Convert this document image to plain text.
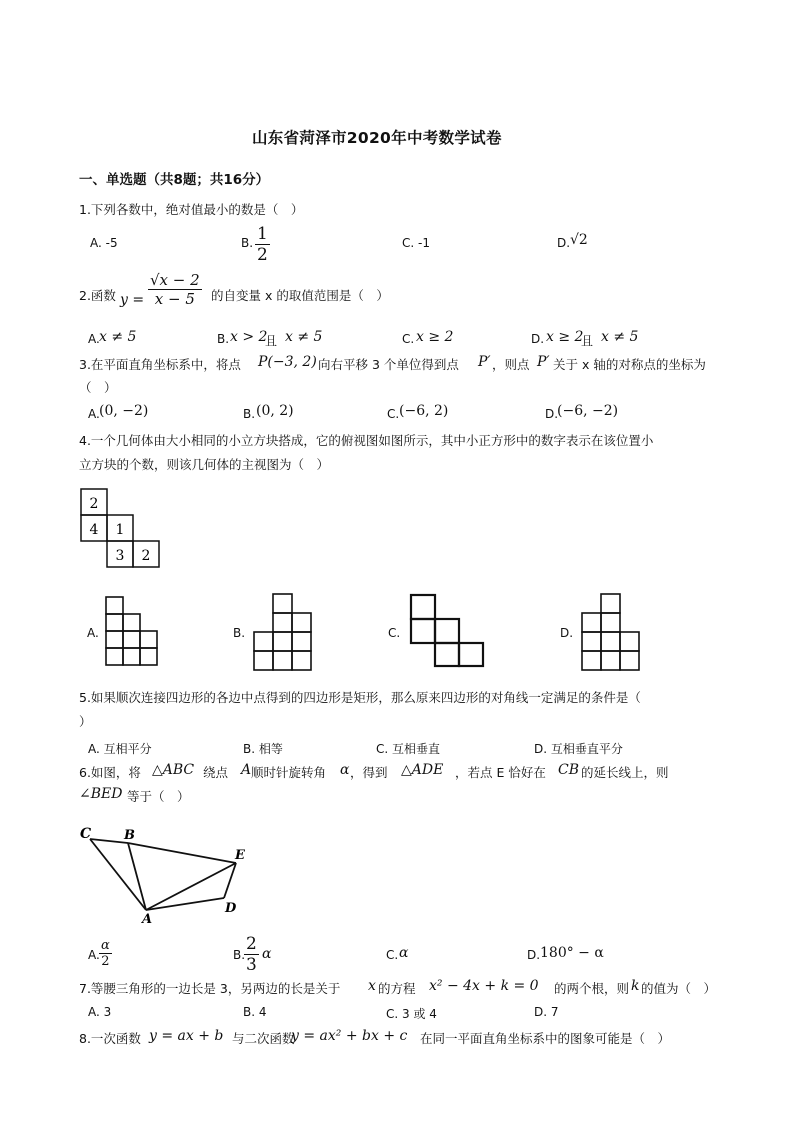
山东省菏泽市2020年中考数学试卷
一、单选题（共8题；共16分）
1.下列各数中，绝对值最小的数是（　）
A. -5	B. $\frac{1}{2}$	C. -1	D. √2
2.函数 $y = \frac{√x - 2}{x - 5}$ 的自变量 x 的取值范围是（　）
A. x ≠ 5	B. x > 2
且 x ≠ 5	C. x ≥ 2	D. x ≥ 2
且 x ≠ 5
3.在平面直角坐标系中，将点 P(−3, 2) 向右平移 3 个单位得到点 P′ ，则点 P′ 关于 x 轴的对称点的坐标为
（　）
A. (0, −2)	B. (0, 2)	C. (−6, 2)	D.
(−6, −2)
4.一个几何体由大小相同的小立方块搭成，它的俯视图如图所示，其中小正方形中的数字表示在该位置小
立方块的个数，则该几何体的主视图为（　）
2
4 1
3 2
A.	B.	C.	D.
5.如果顺次连接四边形的各边中点得到的四边形是矩形，那么原来四边形的对角线一定满足的条件是（
）
A. 互相平分	B. 相等	C. 互相垂直	D. 互相垂直平分
6.如图，将 △ABC 绕点 A 顺时针旋转角 α ，得到 △ADE ，若点 E 恰好在 CB 的延长线上，则
∠BED 等于（　）
C	B
E
A
D
A. $\frac{\alpha}{2}$	B.
$\frac{2}{3}$ α	C. α	D. 180° − α
7.等腰三角形的一边长是 3，另两边的长是关于 x 的方程 x² − 4x + k = 0 的两个根，则 k 的值为（　）
A. 3	B. 4	C. 3 或 4	D. 7
8.一次函数 y = ax + b 与二次函数
y = ax² + bx + c 在同一平面直角坐标系中的图象可能是（　）
